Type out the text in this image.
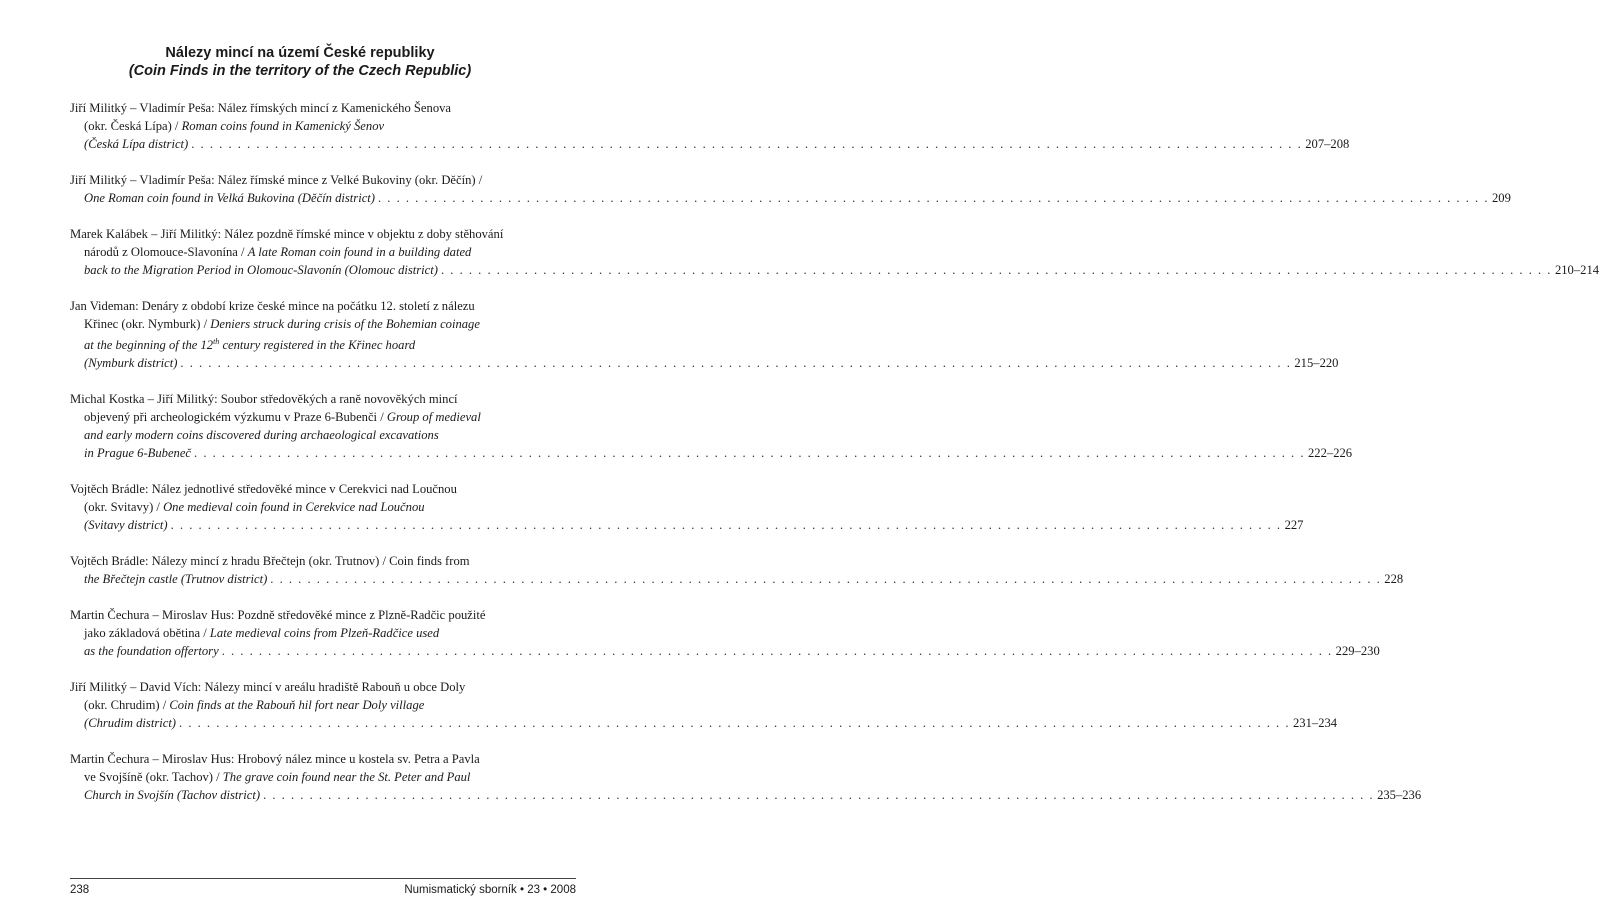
Nálezy mincí na území České republiky
(Coin Finds in the territory of the Czech Republic)
Jiří Militký – Vladimír Peša: Nález římských mincí z Kamenického Šenova
(okr. Česká Lípa) / Roman coins found in Kamenický Šenov
(Česká Lípa district) . . . . . . . . . . . . . . . . . . . . . . . . . . . . . . . . . . . . . . . . . . . . . . . . . . . . . . . . . . . . . . . . . . . . . . . . . . . . . . . . . . . . . . . . . . . . . . . . . . . . . . . . . . . . . . . . . . . . . . . . 207–208
Jiří Militký – Vladimír Peša: Nález římské mince z Velké Bukoviny (okr. Děčín) /
One Roman coin found in Velká Bukovina (Děčín district) . . . . . . . . . . . . . . . . . . . . . . . . . . . . . . . . . . . . . . . . . . . . . . . . . . . . . . . . . . . . . . . . . . . . . . . . . . . . . . . . . . . . . . . . . . . . . . . . . . . . . . . . . . . . . . . . . . . . . . . . 209
Marek Kalábek – Jiří Militký: Nález pozdně římské mince v objektu z doby stěhování
národů z Olomouce-Slavonína / A late Roman coin found in a building dated
back to the Migration Period in Olomouc-Slavonín (Olomouc district) . . . . . . . . . . . . . . . . . . . . . . . . . . . . . . . . . . . . . . . . . . . . . . . . . . . . . . . . . . . . . . . . . . . . . . . . . . . . . . . . . . . . . . . . . . . . . . . . . . . . . . . . . . . . . . . . . . . . . . . . 210–214
Jan Videman: Denáry z období krize české mince na počátku 12. století z nálezu
Křinec (okr. Nymburk) / Deniers struck during crisis of the Bohemian coinage
at the beginning of the 12th century registered in the Křinec hoard
(Nymburk district) . . . . . . . . . . . . . . . . . . . . . . . . . . . . . . . . . . . . . . . . . . . . . . . . . . . . . . . . . . . . . . . . . . . . . . . . . . . . . . . . . . . . . . . . . . . . . . . . . . . . . . . . . . . . . . . . . . . . . . . . 215–220
Michal Kostka – Jiří Militký: Soubor středověkých a raně novověkých mincí
objevený při archeologickém výzkumu v Praze 6-Bubenči / Group of medieval
and early modern coins discovered during archaeological excavations
in Prague 6-Bubeneč . . . . . . . . . . . . . . . . . . . . . . . . . . . . . . . . . . . . . . . . . . . . . . . . . . . . . . . . . . . . . . . . . . . . . . . . . . . . . . . . . . . . . . . . . . . . . . . . . . . . . . . . . . . . . . . . . . . . . . . . 222–226
Vojtěch Brádle: Nález jednotlivé středověké mince v Cerekvici nad Loučnou
(okr. Svitavy) / One medieval coin found in Cerekvice nad Loučnou
(Svitavy district) . . . . . . . . . . . . . . . . . . . . . . . . . . . . . . . . . . . . . . . . . . . . . . . . . . . . . . . . . . . . . . . . . . . . . . . . . . . . . . . . . . . . . . . . . . . . . . . . . . . . . . . . . . . . . . . . . . . . . . . . 227
Vojtěch Brádle: Nálezy mincí z hradu Břečtejn (okr. Trutnov) / Coin finds from
the Břečtejn castle (Trutnov district) . . . . . . . . . . . . . . . . . . . . . . . . . . . . . . . . . . . . . . . . . . . . . . . . . . . . . . . . . . . . . . . . . . . . . . . . . . . . . . . . . . . . . . . . . . . . . . . . . . . . . . . . . . . . . . . . . . . . . . . . 228
Martin Čechura – Miroslav Hus: Pozdně středověké mince z Plzně-Radčic použité
jako základová obětina / Late medieval coins from Plzeň-Radčice used
as the foundation offertory . . . . . . . . . . . . . . . . . . . . . . . . . . . . . . . . . . . . . . . . . . . . . . . . . . . . . . . . . . . . . . . . . . . . . . . . . . . . . . . . . . . . . . . . . . . . . . . . . . . . . . . . . . . . . . . . . . . . . . . . 229–230
Jiří Militký – David Vích: Nálezy mincí v areálu hradiště Rabouň u obce Doly
(okr. Chrudim) / Coin finds at the Rabouň hil fort near Doly village
(Chrudim district) . . . . . . . . . . . . . . . . . . . . . . . . . . . . . . . . . . . . . . . . . . . . . . . . . . . . . . . . . . . . . . . . . . . . . . . . . . . . . . . . . . . . . . . . . . . . . . . . . . . . . . . . . . . . . . . . . . . . . . . . 231–234
Martin Čechura – Miroslav Hus: Hrobový nález mince u kostela sv. Petra a Pavla
ve Svojšíně (okr. Tachov) / The grave coin found near the St. Peter and Paul
Church in Svojšín (Tachov district) . . . . . . . . . . . . . . . . . . . . . . . . . . . . . . . . . . . . . . . . . . . . . . . . . . . . . . . . . . . . . . . . . . . . . . . . . . . . . . . . . . . . . . . . . . . . . . . . . . . . . . . . . . . . . . . . . . . . . . . . 235–236
238	Numismatický sborník • 23 • 2008
